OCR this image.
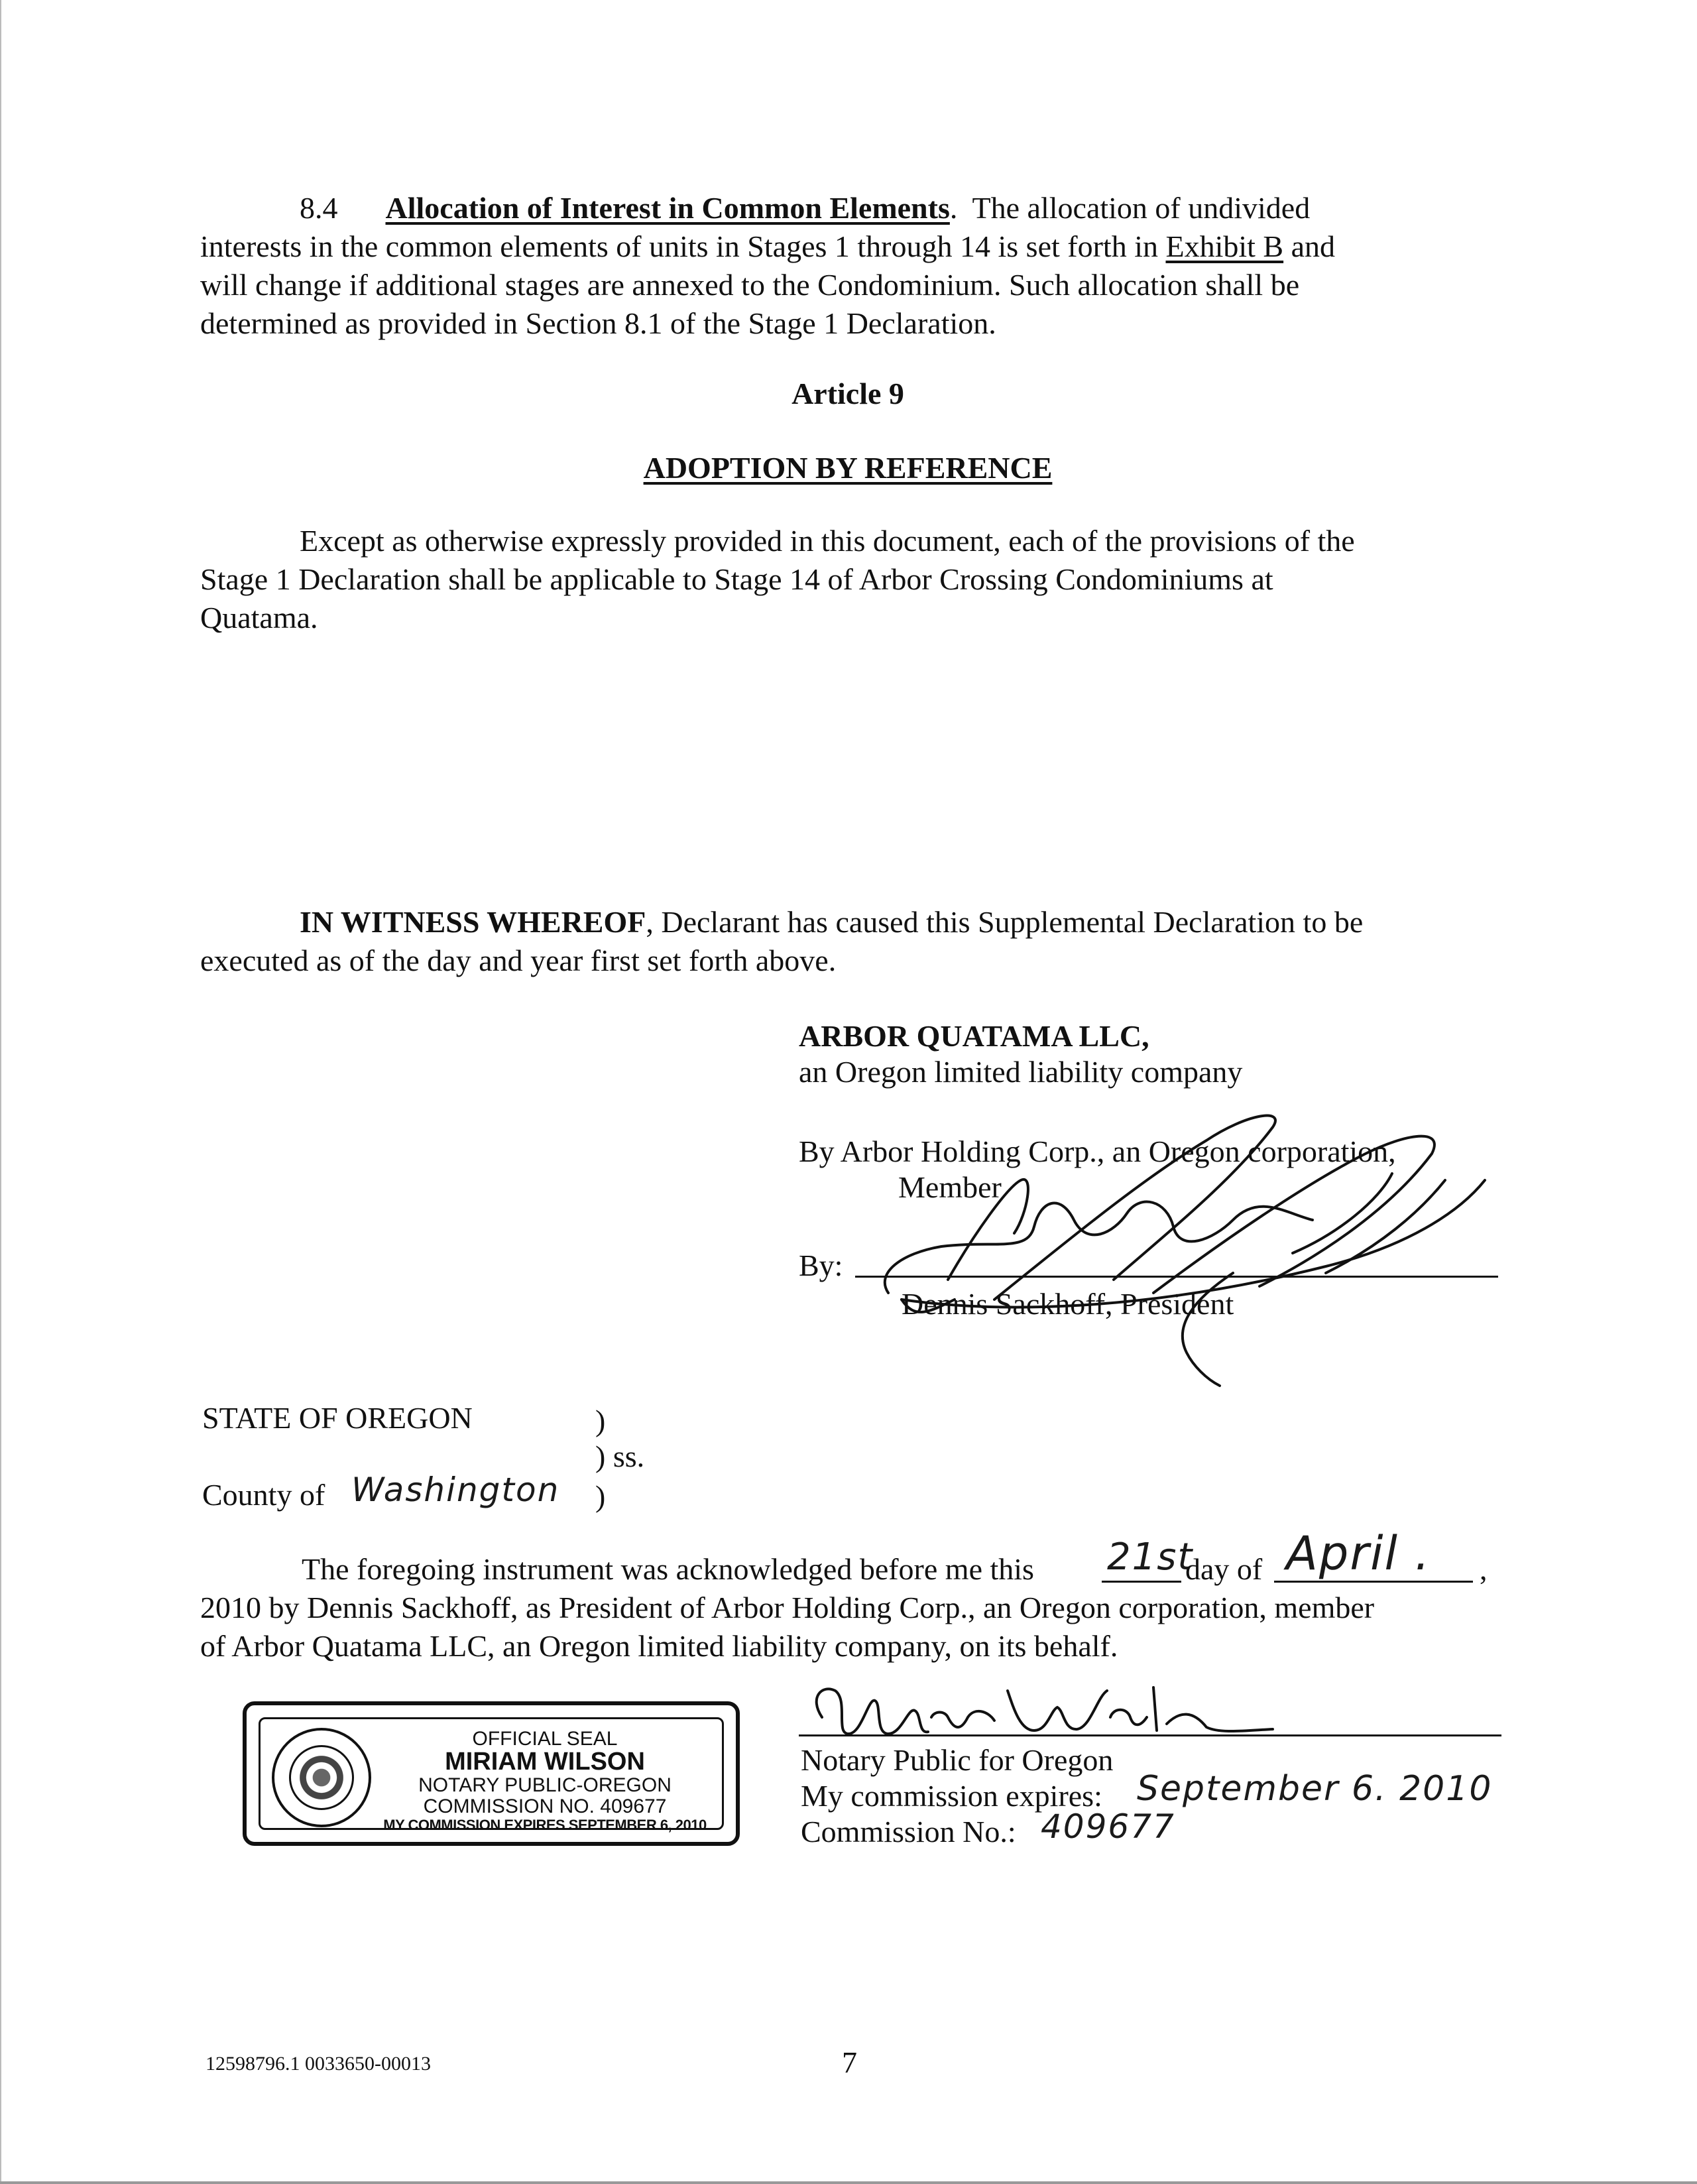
8.4 Allocation of Interest in Common Elements.  The allocation of undivided
interests in the common elements of units in Stages 1 through 14 is set forth in Exhibit B and
will change if additional stages are annexed to the Condominium. Such allocation shall be
determined as provided in Section 8.1 of the Stage 1 Declaration.
Article 9
ADOPTION BY REFERENCE
Except as otherwise expressly provided in this document, each of the provisions of the
Stage 1 Declaration shall be applicable to Stage 14 of Arbor Crossing Condominiums at
Quatama.
IN WITNESS WHEREOF, Declarant has caused this Supplemental Declaration to be
executed as of the day and year first set forth above.
ARBOR QUATAMA LLC,
an Oregon limited liability company
By Arbor Holding Corp., an Oregon corporation,
Member
By:
Dennis Sackhoff, President
STATE OF OREGON	)
) ss.
County of Washington )
The foregoing instrument was acknowledged before me this 21st
day of April . ,
2010 by Dennis Sackhoff, as President of Arbor Holding Corp., an Oregon corporation, member
of Arbor Quatama LLC, an Oregon limited liability company, on its behalf.
Notary Public for Oregon
My commission expires: September 6. 2010
Commission No.: 409677
OFFICIAL SEAL
MIRIAM WILSON
NOTARY PUBLIC-OREGON
COMMISSION NO. 409677
MY COMMISSION EXPIRES SEPTEMBER 6, 2010
12598796.1 0033650-00013	7
